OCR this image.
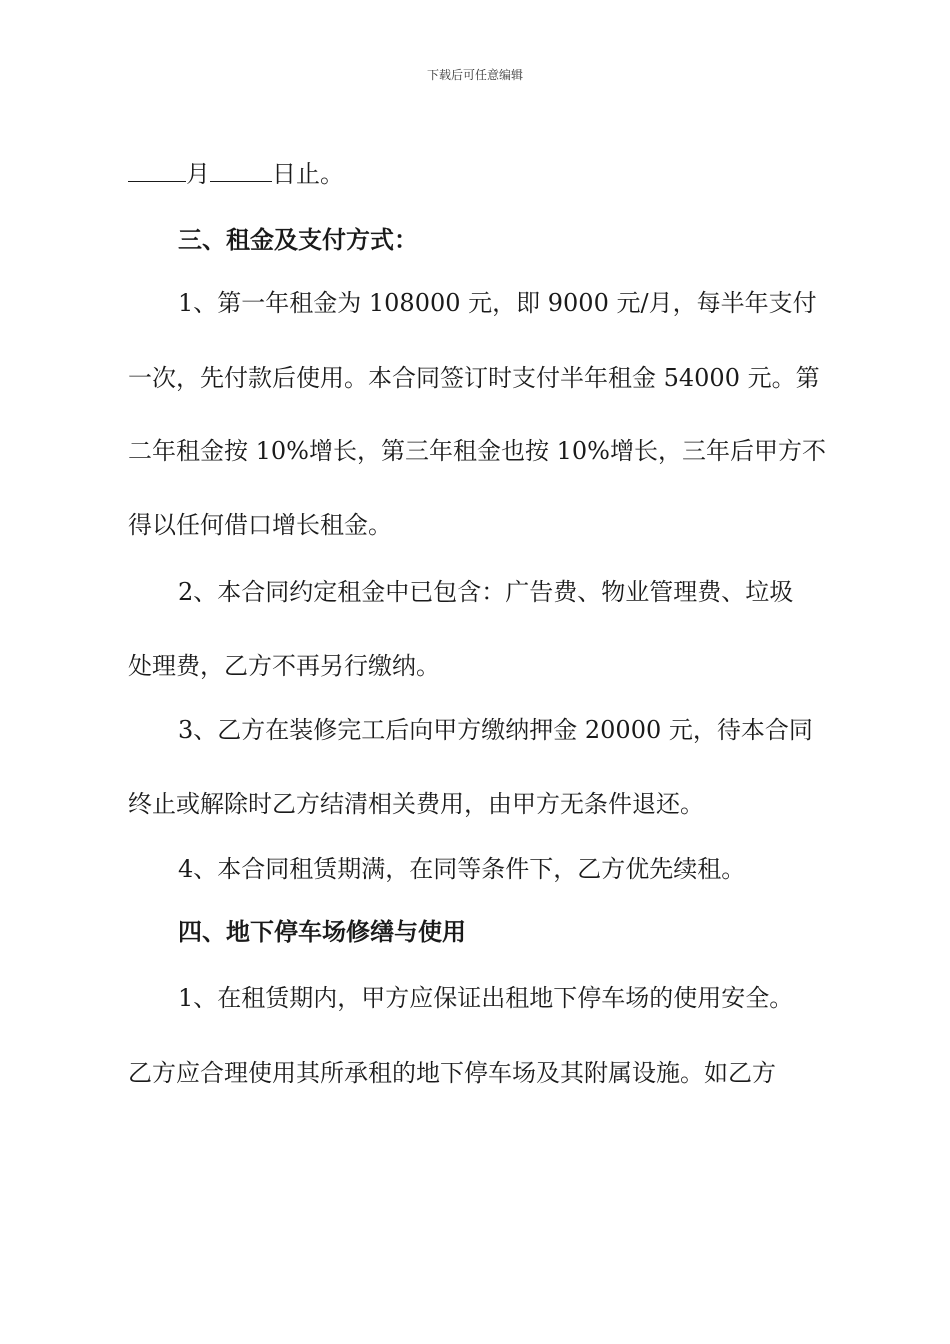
下载后可任意编辑
月	日止。
三、租金及支付方式：
1、第一年租金为 108000 元，即 9000 元/月，每半年支付
一次，先付款后使用。本合同签订时支付半年租金 54000 元。第
二年租金按 10%增长，第三年租金也按 10%增长，三年后甲方不
得以任何借口增长租金。
2、本合同约定租金中已包含：广告费、物业管理费、垃圾
处理费，乙方不再另行缴纳。
3、乙方在装修完工后向甲方缴纳押金 20000 元，待本合同
终止或解除时乙方结清相关费用，由甲方无条件退还。
4、本合同租赁期满，在同等条件下，乙方优先续租。
四、地下停车场修缮与使用
1、在租赁期内，甲方应保证出租地下停车场的使用安全。
乙方应合理使用其所承租的地下停车场及其附属设施。如乙方
